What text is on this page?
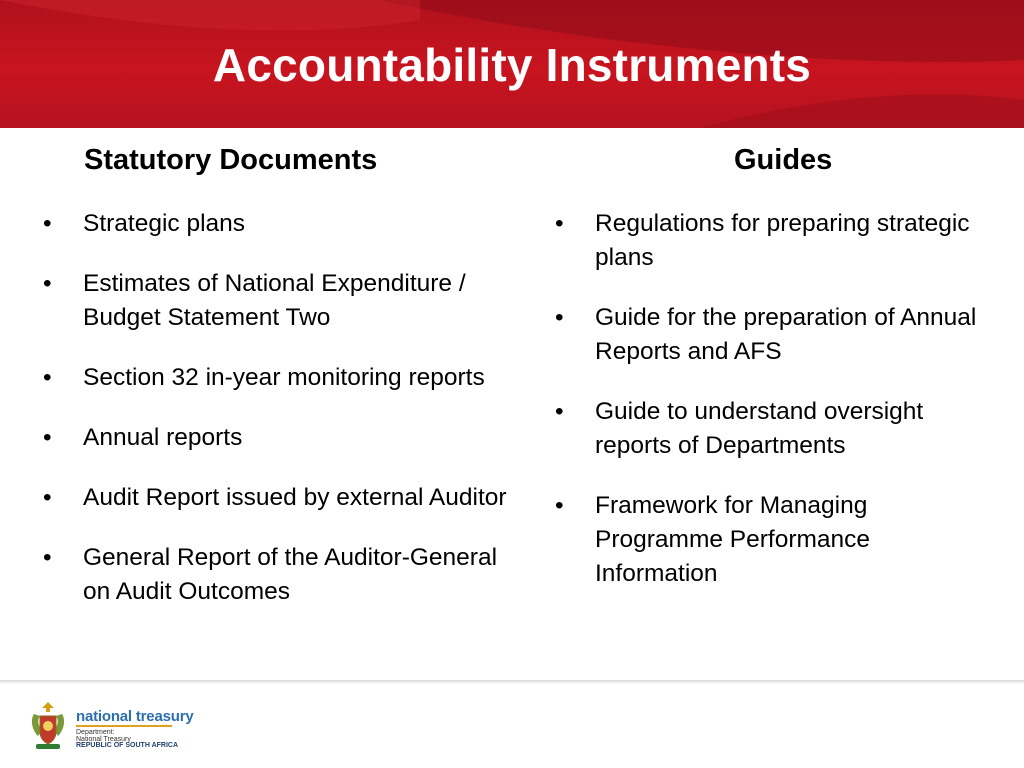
Accountability Instruments
Statutory Documents	Guides
• Strategic plans
• Estimates of National Expenditure / Budget Statement Two
• Section 32 in-year monitoring reports
• Annual reports
• Audit Report issued by external Auditor
• General Report of the Auditor-General on Audit Outcomes
• Regulations for preparing strategic plans
• Guide for the preparation of Annual Reports and AFS
• Guide to understand oversight reports of Departments
• Framework for Managing Programme Performance Information
national treasury
Department:
National Treasury
REPUBLIC OF SOUTH AFRICA
